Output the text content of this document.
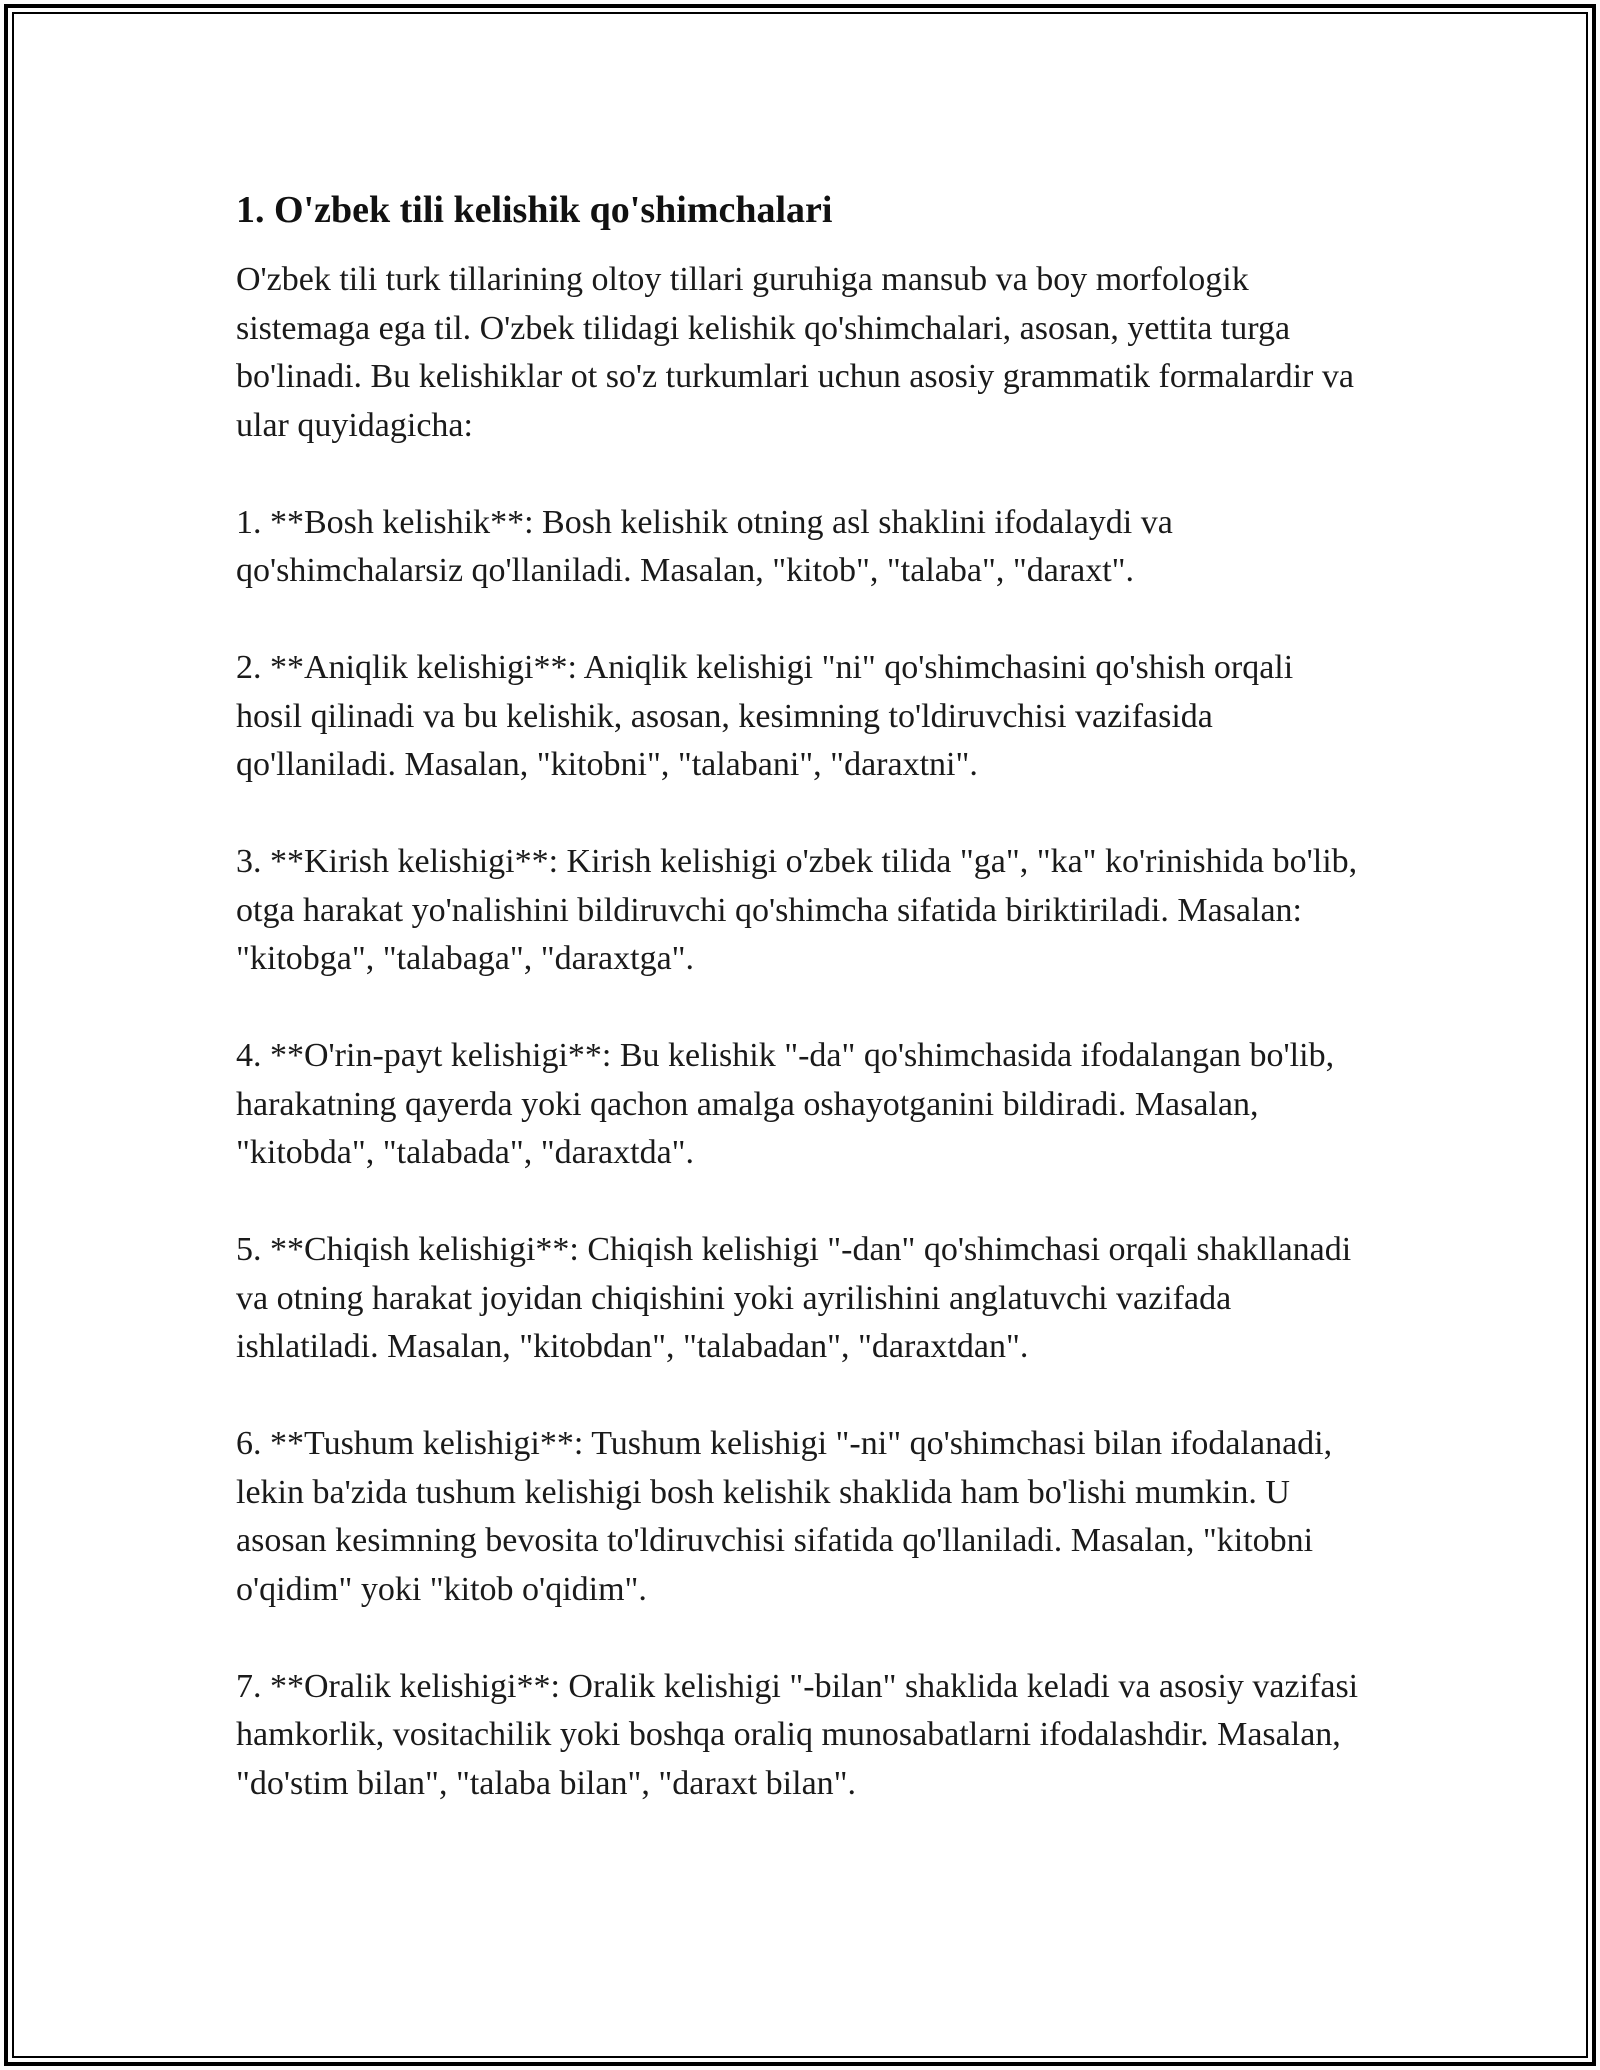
1. O'zbek tili kelishik qo'shimchalari

O'zbek tili turk tillarining oltoy tillari guruhiga mansub va boy morfologik sistemaga ega til. O'zbek tilidagi kelishik qo'shimchalari, asosan, yettita turga bo'linadi. Bu kelishiklar ot so'z turkumlari uchun asosiy grammatik formalardir va ular quyidagicha:

1. **Bosh kelishik**: Bosh kelishik otning asl shaklini ifodalaydi va qo'shimchalarsiz qo'llaniladi. Masalan, "kitob", "talaba", "daraxt".

2. **Aniqlik kelishigi**: Aniqlik kelishigi "ni" qo'shimchasini qo'shish orqali hosil qilinadi va bu kelishik, asosan, kesimning to'ldiruvchisi vazifasida qo'llaniladi. Masalan, "kitobni", "talabani", "daraxtni".

3. **Kirish kelishigi**: Kirish kelishigi o'zbek tilida "ga", "ka" ko'rinishida bo'lib, otga harakat yo'nalishini bildiruvchi qo'shimcha sifatida biriktiriladi. Masalan: "kitobga", "talabaga", "daraxtga".

4. **O'rin-payt kelishigi**: Bu kelishik "-da" qo'shimchasida ifodalangan bo'lib, harakatning qayerda yoki qachon amalga oshayotganini bildiradi. Masalan, "kitobda", "talabada", "daraxtda".

5. **Chiqish kelishigi**: Chiqish kelishigi "-dan" qo'shimchasi orqali shakllanadi va otning harakat joyidan chiqishini yoki ayrilishini anglatuvchi vazifada ishlatiladi. Masalan, "kitobdan", "talabadan", "daraxtdan".

6. **Tushum kelishigi**: Tushum kelishigi "-ni" qo'shimchasi bilan ifodalanadi, lekin ba'zida tushum kelishigi bosh kelishik shaklida ham bo'lishi mumkin. U asosan kesimning bevosita to'ldiruvchisi sifatida qo'llaniladi. Masalan, "kitobni o'qidim" yoki "kitob o'qidim".

7. **Oralik kelishigi**: Oralik kelishigi "-bilan" shaklida keladi va asosiy vazifasi hamkorlik, vositachilik yoki boshqa oraliq munosabatlarni ifodalashdir. Masalan, "do'stim bilan", "talaba bilan", "daraxt bilan".
